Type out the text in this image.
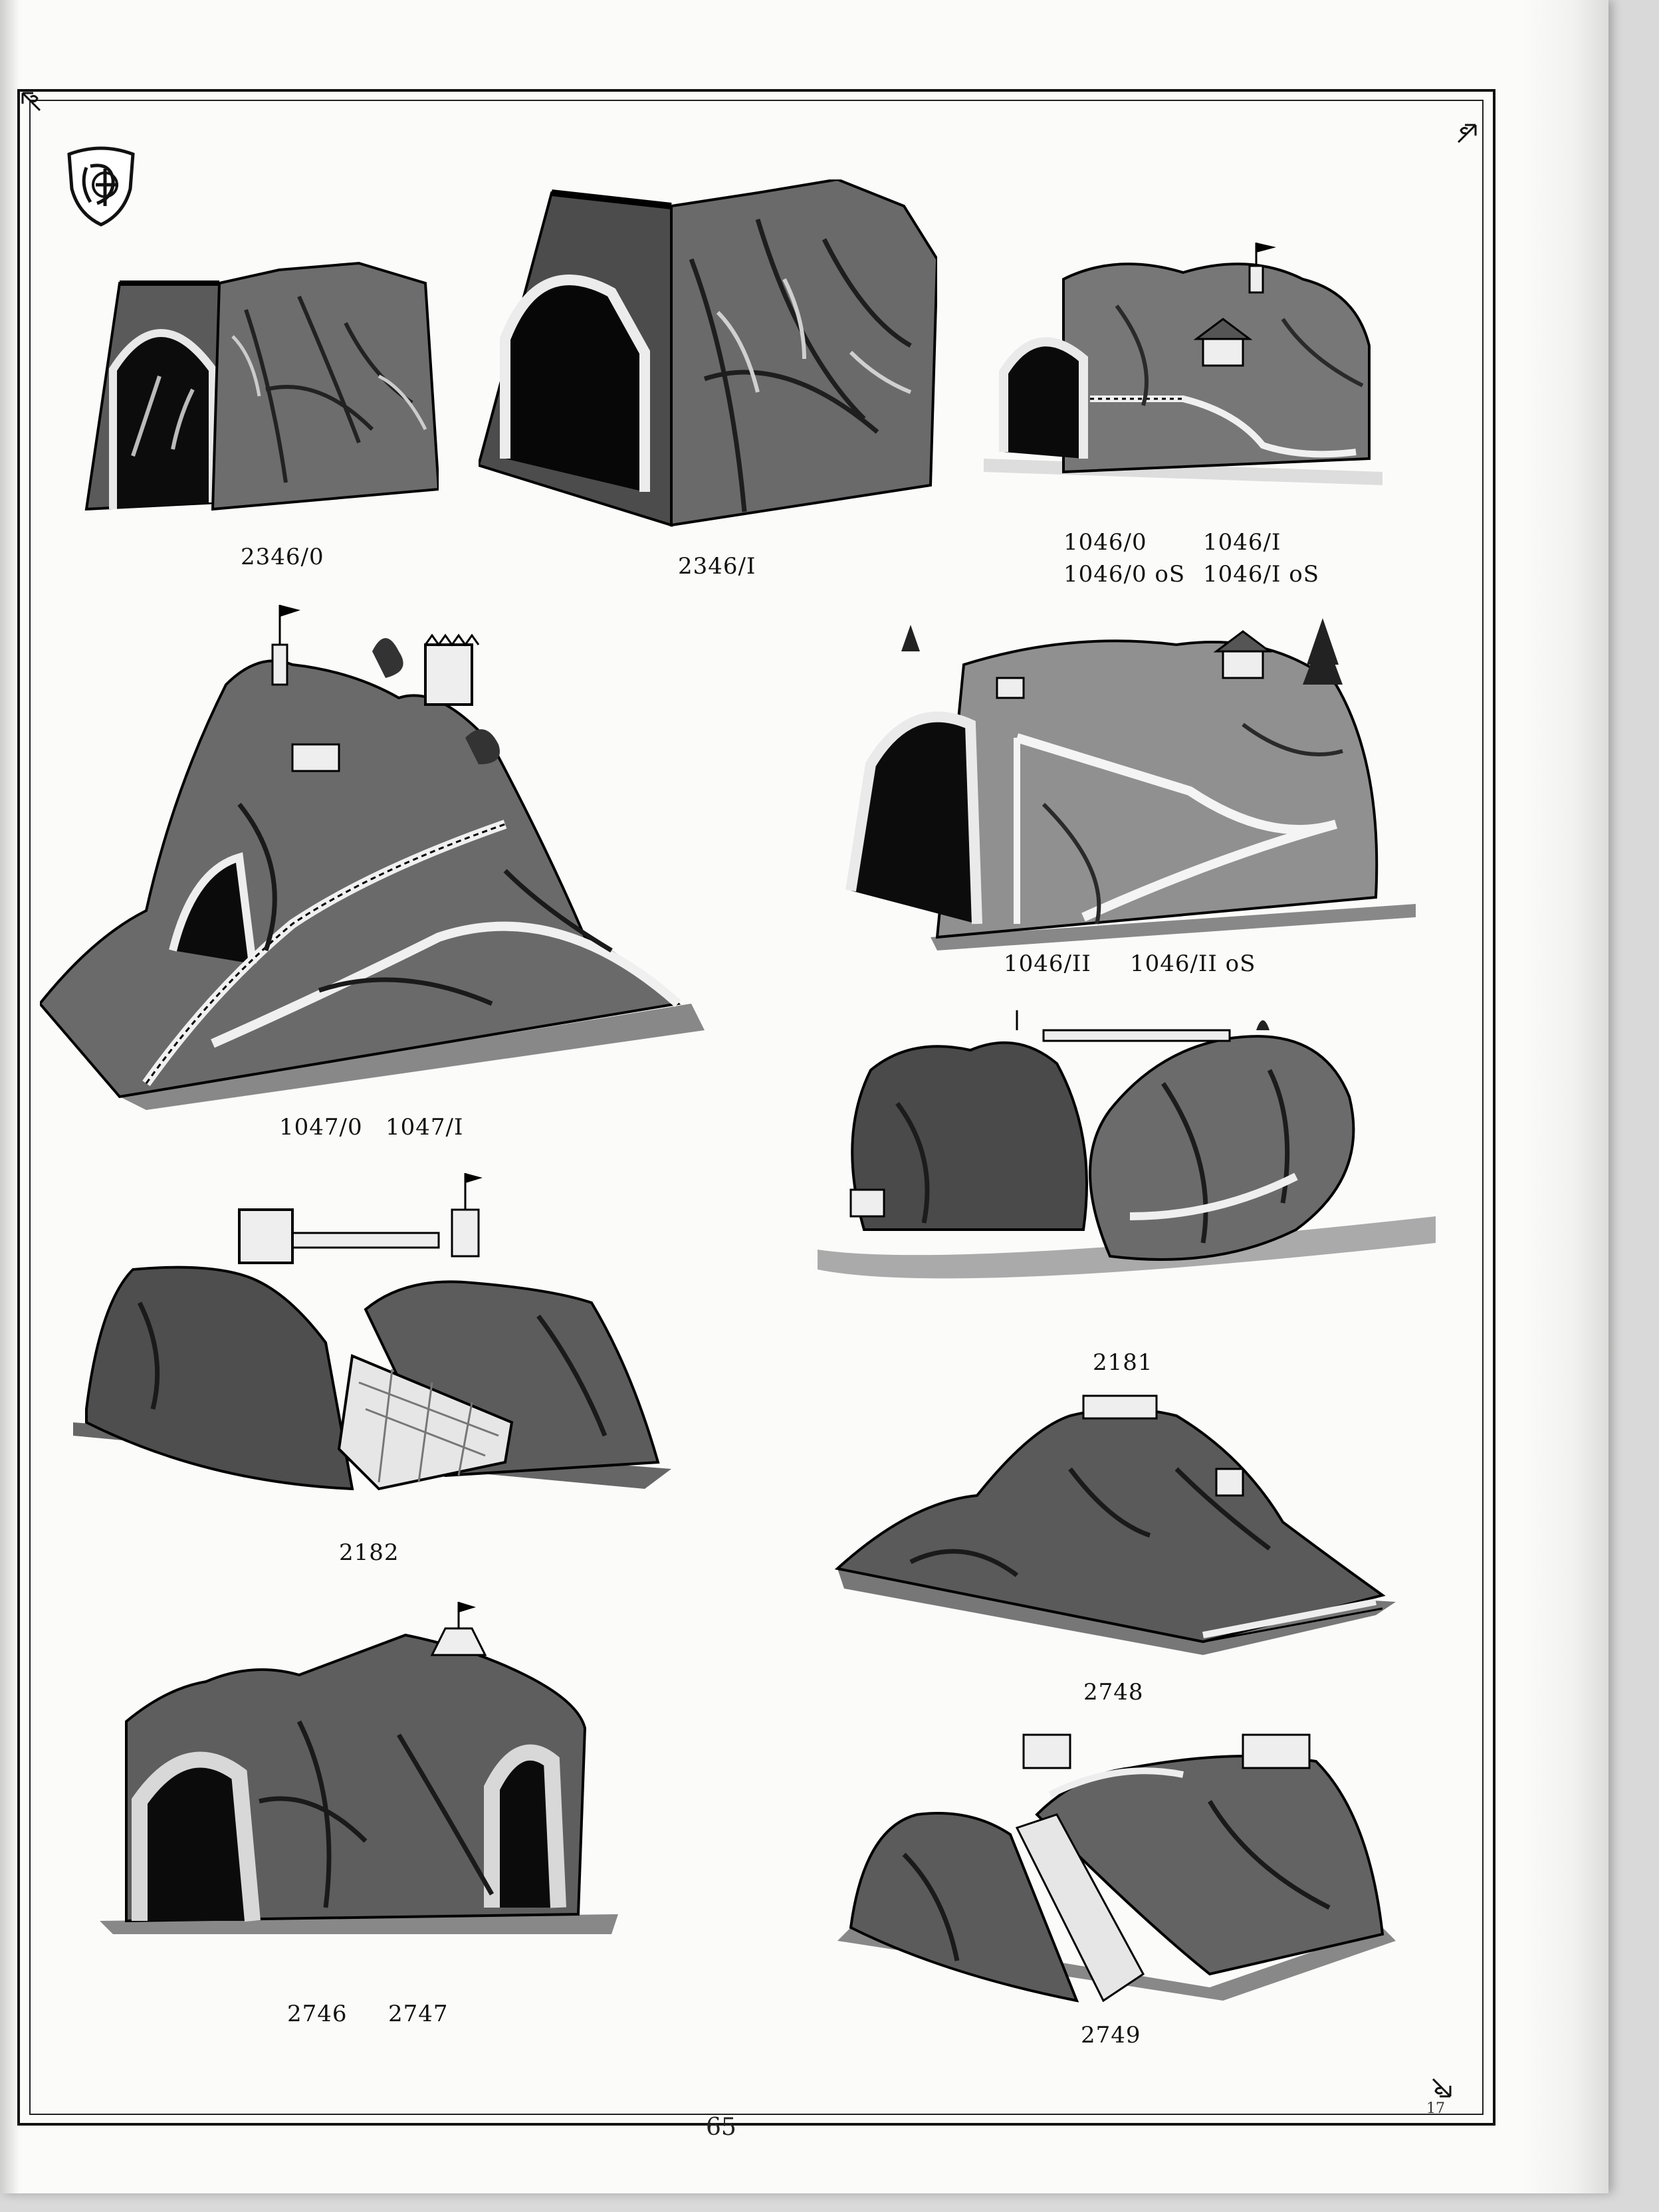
2346/0	2346/I
1046/0 1046/I
1046/0 oS 1046/I oS
1047/0 1047/I
1046/II 1046/II oS
2181
2182
2748
2746 2747
2749
65
17
